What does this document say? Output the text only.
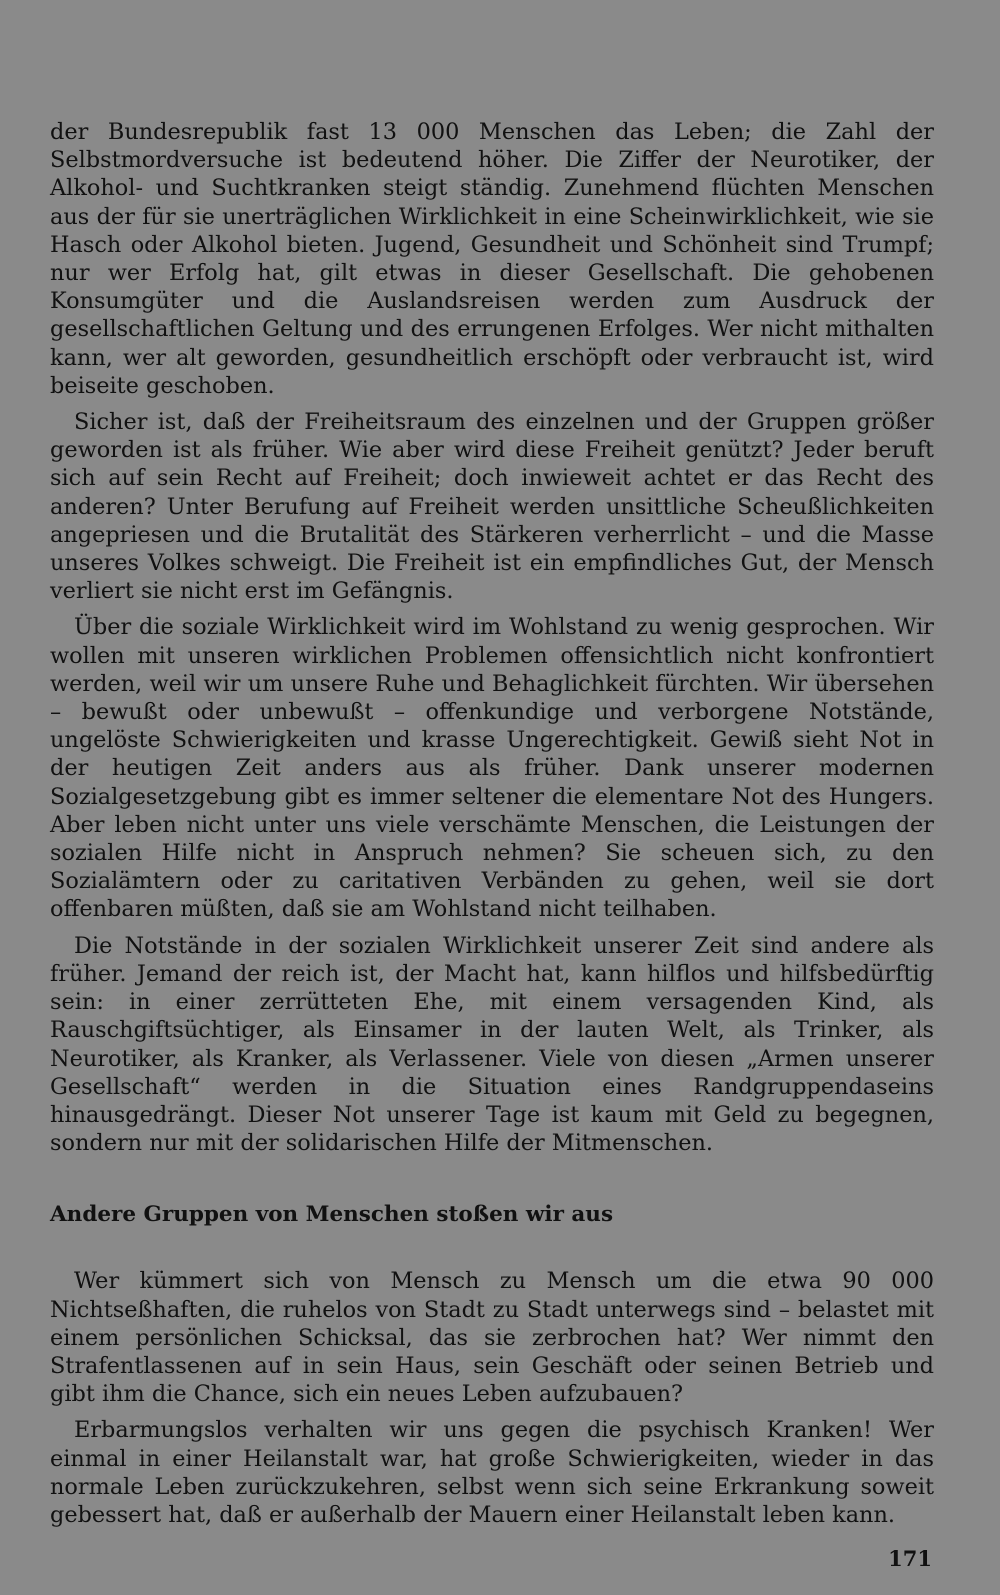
der Bundesrepublik fast 13 000 Menschen das Leben; die Zahl der Selbstmordversuche ist bedeutend höher. Die Ziffer der Neurotiker, der Alkohol- und Suchtkranken steigt ständig. Zunehmend flüchten Menschen aus der für sie unerträglichen Wirklichkeit in eine Scheinwirklichkeit, wie sie Hasch oder Alkohol bieten. Jugend, Gesundheit und Schönheit sind Trumpf; nur wer Erfolg hat, gilt etwas in dieser Gesellschaft. Die gehobenen Konsumgüter und die Auslandsreisen werden zum Ausdruck der gesellschaftlichen Geltung und des errungenen Erfolges. Wer nicht mithalten kann, wer alt geworden, gesundheitlich erschöpft oder verbraucht ist, wird beiseite geschoben.

Sicher ist, daß der Freiheitsraum des einzelnen und der Gruppen größer geworden ist als früher. Wie aber wird diese Freiheit genützt? Jeder beruft sich auf sein Recht auf Freiheit; doch inwieweit achtet er das Recht des anderen? Unter Berufung auf Freiheit werden unsittliche Scheußlichkeiten angepriesen und die Brutalität des Stärkeren verherrlicht – und die Masse unseres Volkes schweigt. Die Freiheit ist ein empfindliches Gut, der Mensch verliert sie nicht erst im Gefängnis.

Über die soziale Wirklichkeit wird im Wohlstand zu wenig gesprochen. Wir wollen mit unseren wirklichen Problemen offensichtlich nicht konfrontiert werden, weil wir um unsere Ruhe und Behaglichkeit fürchten. Wir übersehen – bewußt oder unbewußt – offenkundige und verborgene Notstände, ungelöste Schwierigkeiten und krasse Ungerechtigkeit. Gewiß sieht Not in der heutigen Zeit anders aus als früher. Dank unserer modernen Sozialgesetzgebung gibt es immer seltener die elementare Not des Hungers. Aber leben nicht unter uns viele verschämte Menschen, die Leistungen der sozialen Hilfe nicht in Anspruch nehmen? Sie scheuen sich, zu den Sozialämtern oder zu caritativen Verbänden zu gehen, weil sie dort offenbaren müßten, daß sie am Wohlstand nicht teilhaben.

Die Notstände in der sozialen Wirklichkeit unserer Zeit sind andere als früher. Jemand der reich ist, der Macht hat, kann hilflos und hilfsbedürftig sein: in einer zerrütteten Ehe, mit einem versagenden Kind, als Rauschgiftsüchtiger, als Einsamer in der lauten Welt, als Trinker, als Neurotiker, als Kranker, als Verlassener. Viele von diesen „Armen unserer Gesellschaft“ werden in die Situation eines Randgruppendaseins hinausgedrängt. Dieser Not unserer Tage ist kaum mit Geld zu begegnen, sondern nur mit der solidarischen Hilfe der Mitmenschen.

Andere Gruppen von Menschen stoßen wir aus

Wer kümmert sich von Mensch zu Mensch um die etwa 90 000 Nichtseßhaften, die ruhelos von Stadt zu Stadt unterwegs sind – belastet mit einem persönlichen Schicksal, das sie zerbrochen hat? Wer nimmt den Strafentlassenen auf in sein Haus, sein Geschäft oder seinen Betrieb und gibt ihm die Chance, sich ein neues Leben aufzubauen?

Erbarmungslos verhalten wir uns gegen die psychisch Kranken! Wer einmal in einer Heilanstalt war, hat große Schwierigkeiten, wieder in das normale Leben zurückzukehren, selbst wenn sich seine Erkrankung soweit gebessert hat, daß er außerhalb der Mauern einer Heilanstalt leben kann.

171
